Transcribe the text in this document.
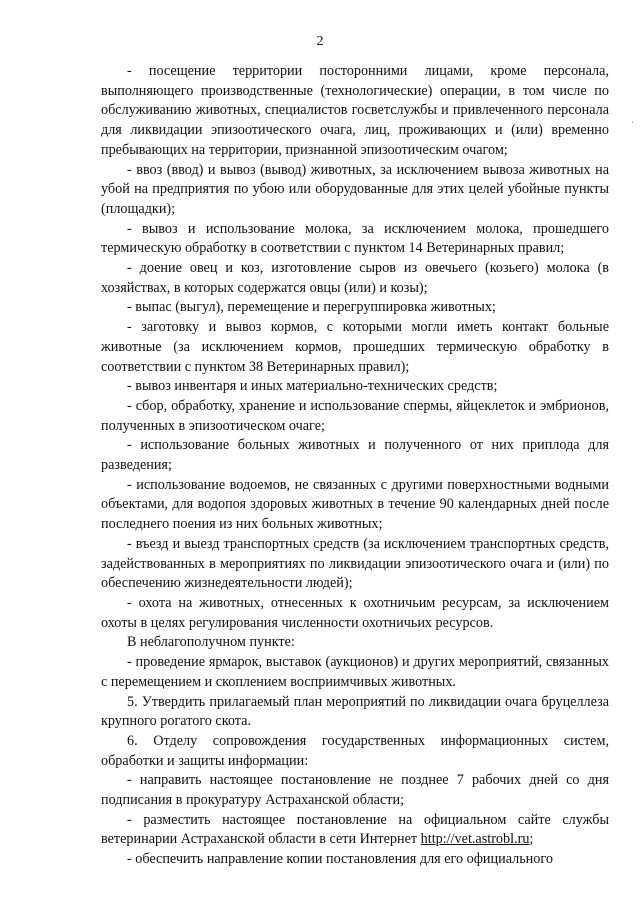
2
·

- посещение территории посторонними лицами, кроме персонала, выполняющего производственные (технологические) операции, в том числе по обслуживанию животных, специалистов госветслужбы и привлеченного персонала для ликвидации эпизоотического очага, лиц, проживающих и (или) временно пребывающих на территории, признанной эпизоотическим очагом;

- ввоз (ввод) и вывоз (вывод) животных, за исключением вывоза животных на убой на предприятия по убою или оборудованные для этих целей убойные пункты (площадки);

- вывоз и использование молока, за исключением молока, прошедшего термическую обработку в соответствии с пунктом 14 Ветеринарных правил;

- доение овец и коз, изготовление сыров из овечьего (козьего) молока (в хозяйствах, в которых содержатся овцы (или) и козы);

- выпас (выгул), перемещение и перегруппировка животных;

- заготовку и вывоз кормов, с которыми могли иметь контакт больные животные (за исключением кормов, прошедших термическую обработку в соответствии с пунктом 38 Ветеринарных правил);

- вывоз инвентаря и иных материально-технических средств;

- сбор, обработку, хранение и использование спермы, яйцеклеток и эмбрионов, полученных в эпизоотическом очаге;

- использование больных животных и полученного от них приплода для разведения;

- использование водоемов, не связанных с другими поверхностными водными объектами, для водопоя здоровых животных в течение 90 календарных дней после последнего поения из них больных животных;

- въезд и выезд транспортных средств (за исключением транспортных средств, задействованных в мероприятиях по ликвидации эпизоотического очага и (или) по обеспечению жизнедеятельности людей);

- охота на животных, отнесенных к охотничьим ресурсам, за исключением охоты в целях регулирования численности охотничьих ресурсов.

В неблагополучном пункте:

- проведение ярмарок, выставок (аукционов) и других мероприятий, связанных с перемещением и скоплением восприимчивых животных.

5. Утвердить прилагаемый план мероприятий по ликвидации очага бруцеллеза крупного рогатого скота.

6. Отделу сопровождения государственных информационных систем, обработки и защиты информации:

- направить настоящее постановление не позднее 7 рабочих дней со дня подписания в прокуратуру Астраханской области;

- разместить настоящее постановление на официальном сайте службы ветеринарии Астраханской области в сети Интернет http://vet.astrobl.ru;

- обеспечить направление копии постановления для его официального
